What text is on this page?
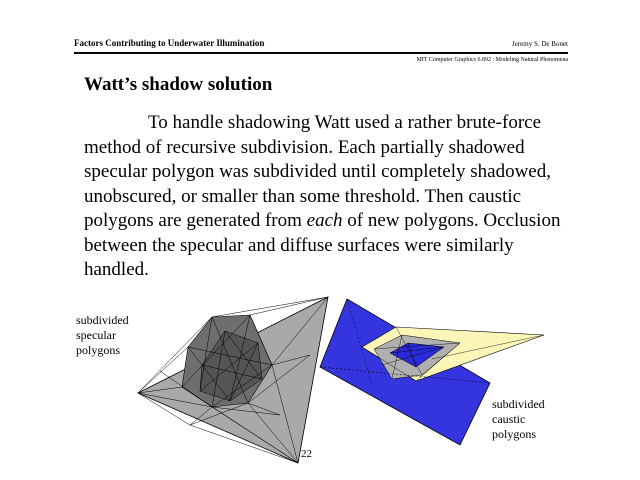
Factors Contributing to Underwater Illumination	Jeremy S. De Bonet
MIT Computer Graphics 6.892 : Modeling Natural Phenomena
Watt’s shadow solution
To handle shadowing Watt used a rather brute-force method of recursive subdivision. Each partially shadowed specular polygon was subdivided until completely shadowed, unobscured, or smaller than some threshold. Then caustic polygons are generated from each of new polygons. Occlusion between the specular and diffuse surfaces were similarly handled.
subdivided specular polygons
subdivided caustic polygons
22
